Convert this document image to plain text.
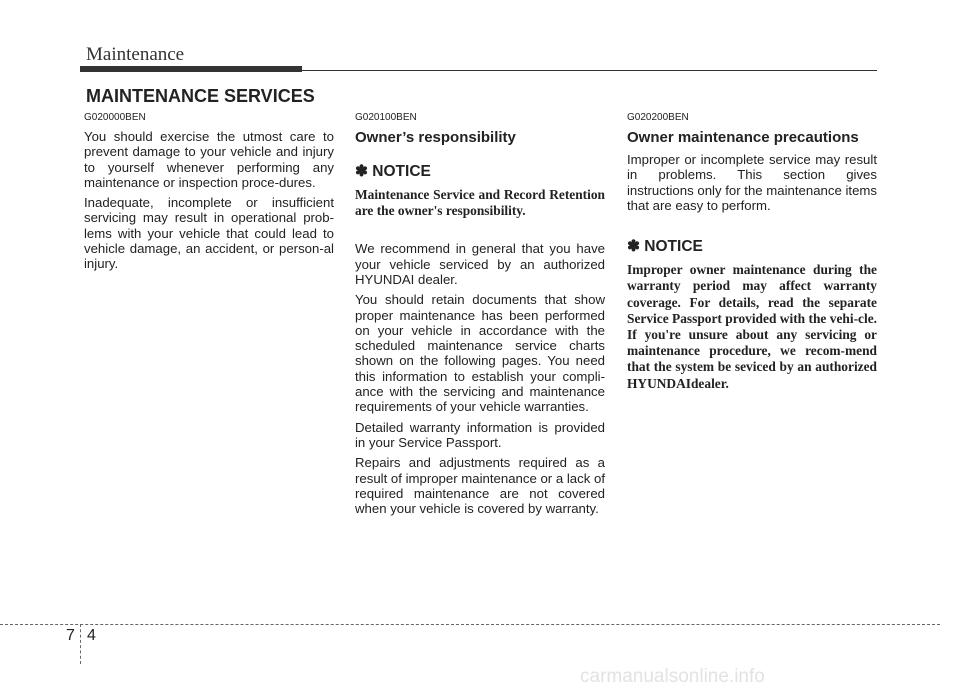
Maintenance
MAINTENANCE SERVICES
G020000BEN

You should exercise the utmost care to prevent damage to your vehicle and injury to yourself whenever performing any maintenance or inspection proce-dures.

Inadequate, incomplete or insufficient servicing may result in operational prob-lems with your vehicle that could lead to vehicle damage, an accident, or person-al injury.

G020100BEN
Owner’s responsibility
✽ NOTICE
Maintenance Service and Record Retention are the owner's responsibility.

We recommend in general that you have your vehicle serviced by an authorized HYUNDAI dealer.

You should retain documents that show proper maintenance has been performed on your vehicle in accordance with the scheduled maintenance service charts shown on the following pages. You need this information to establish your compli-ance with the servicing and maintenance requirements of your vehicle warranties.

Detailed warranty information is provided in your Service Passport.

Repairs and adjustments required as a result of improper maintenance or a lack of required maintenance are not covered when your vehicle is covered by warranty.

G020200BEN
Owner maintenance precautions

Improper or incomplete service may result in problems. This section gives instructions only for the maintenance items that are easy to perform.

✽ NOTICE
Improper owner maintenance during the warranty period may affect warranty coverage. For details, read the separate Service Passport provided with the vehi-cle. If you're unsure about any servicing or maintenance procedure, we recom-mend that the system be seviced by an authorized HYUNDAIdealer.
7 4
carmanualsonline.info
